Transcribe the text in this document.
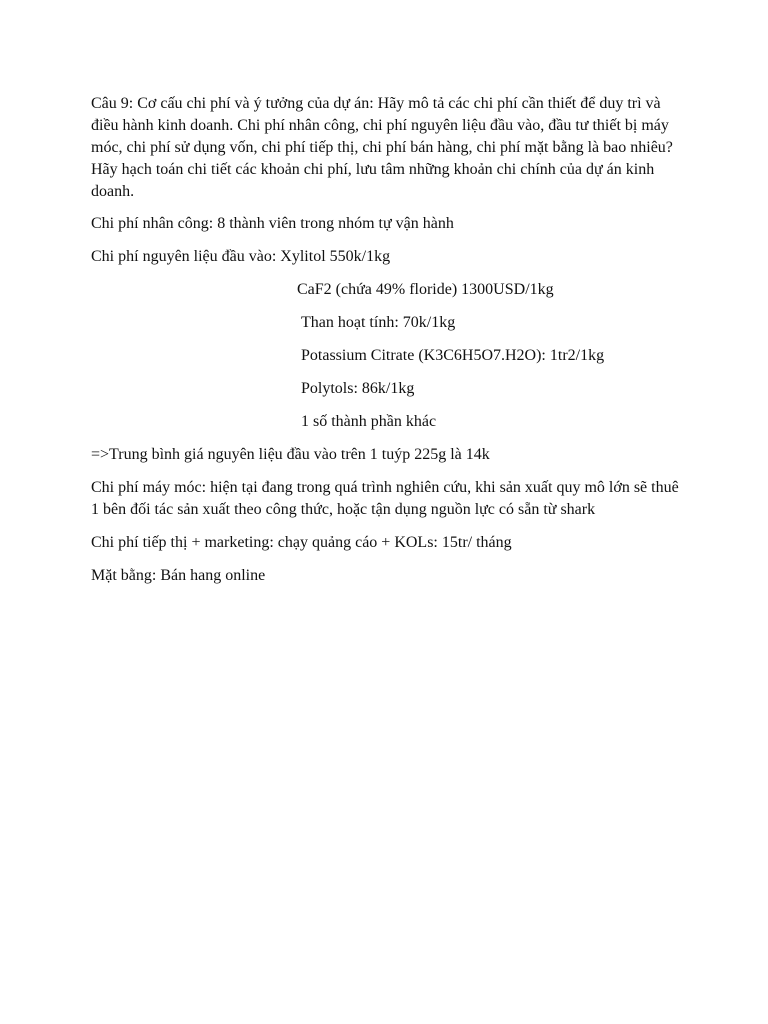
Câu 9: Cơ cấu chi phí và ý tưởng của dự án: Hãy mô tả các chi phí cần thiết để duy trì và điều hành kinh doanh. Chi phí nhân công, chi phí nguyên liệu đầu vào, đầu tư thiết bị máy móc, chi phí sử dụng vốn, chi phí tiếp thị, chi phí bán hàng, chi phí mặt bằng là bao nhiêu? Hãy hạch toán chi tiết các khoản chi phí, lưu tâm những khoản chi chính của dự án kinh doanh.

Chi phí nhân công: 8 thành viên trong nhóm tự vận hành

Chi phí nguyên liệu đầu vào: Xylitol 550k/1kg

CaF2 (chứa 49% floride) 1300USD/1kg

Than hoạt tính: 70k/1kg

Potassium Citrate (K3C6H5O7.H2O): 1tr2/1kg

Polytols: 86k/1kg

1 số thành phần khác

=>Trung bình giá nguyên liệu đầu vào trên 1 tuýp 225g là 14k

Chi phí máy móc: hiện tại đang trong quá trình nghiên cứu, khi sản xuất quy mô lớn sẽ thuê 1 bên đối tác sản xuất theo công thức, hoặc tận dụng nguồn lực có sẵn từ shark

Chi phí tiếp thị + marketing: chạy quảng cáo + KOLs: 15tr/ tháng

Mặt bằng: Bán hang online
